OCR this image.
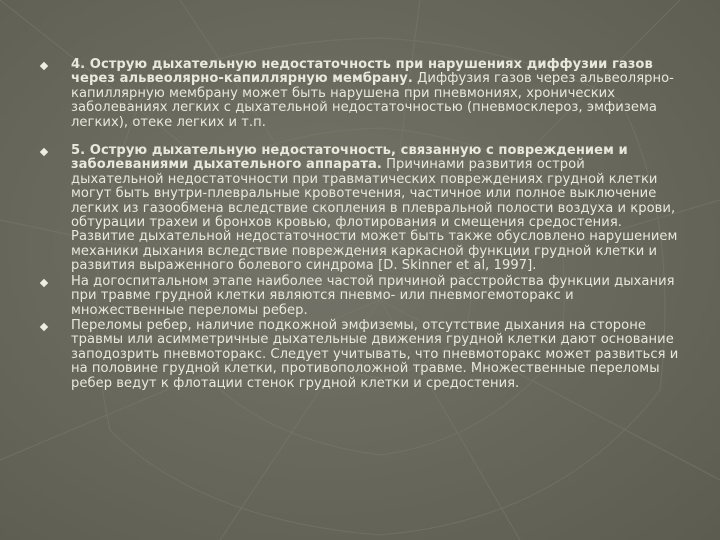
4. Острую дыхательную недостаточность при нарушениях диффузии газов через альвеолярно-капиллярную мембрану. Диффузия газов через альвеолярно-капиллярную мембрану может быть нарушена при пневмониях, хронических заболеваниях легких с дыхательной недостаточностью (пневмосклероз, эмфизема легких), отеке легких и т.п.
5. Острую дыхательную недостаточность, связанную с повреждением и заболеваниями дыхательного аппарата. Причинами развития острой дыхательной недостаточности при травматических повреждениях грудной клетки могут быть внутри-плевральные кровотечения, частичное или полное выключение легких из газообмена вследствие скопления в плевральной полости воздуха и крови, обтурации трахеи и бронхов кровью, флотирования и смещения средостения. Развитие дыхательной недостаточности может быть также обусловлено нарушением механики дыхания вследствие повреждения каркасной функции грудной клетки и развития выраженного болевого синдрома [D. Skinner et al, 1997].
На догоспитальном этапе наиболее частой причиной расстройства функции дыхания при травме грудной клетки являются пневмо- или пневмогемоторакс и множественные переломы ребер.
Переломы ребер, наличие подкожной эмфиземы, отсутствие дыхания на стороне травмы или асимметричные дыхательные движения грудной клетки дают основание заподозрить пневмоторакс. Следует учитывать, что пневмоторакс может развиться и на половине грудной клетки, противоположной травме. Множественные переломы ребер ведут к флотации стенок грудной клетки и средостения.
